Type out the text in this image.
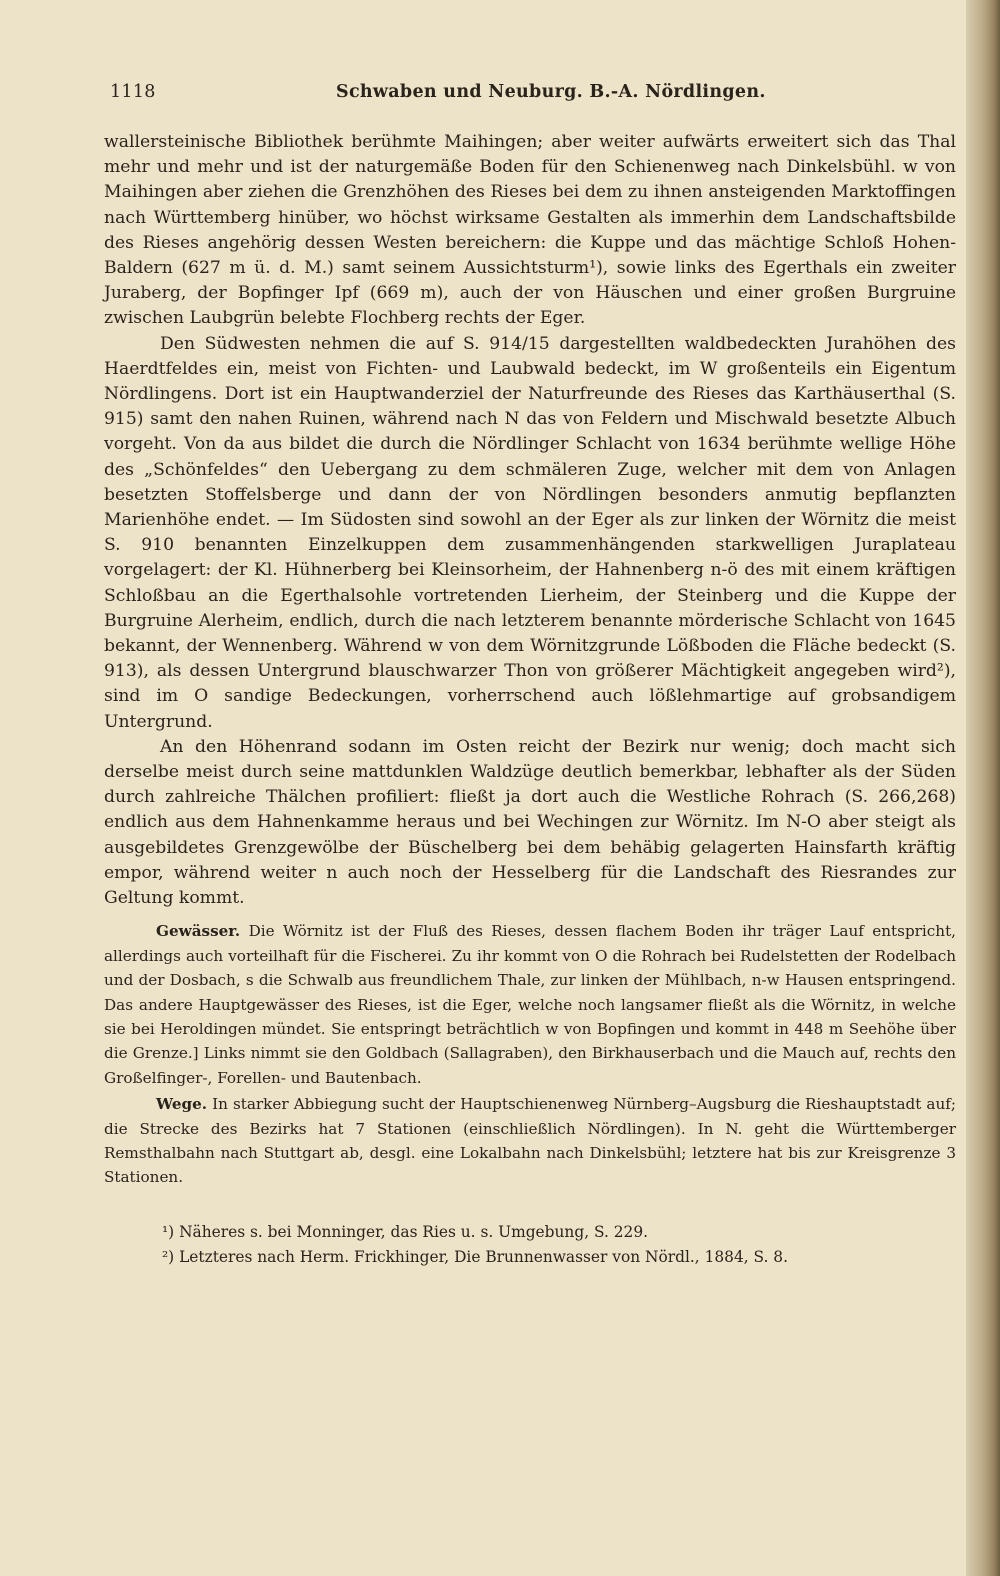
1118	Schwaben und Neuburg. B.-A. Nördlingen.

wallersteinische Bibliothek berühmte Maihingen; aber weiter aufwärts erweitert sich das Thal mehr und mehr und ist der naturgemäße Boden für den Schienenweg nach Dinkelsbühl. w von Maihingen aber ziehen die Grenzhöhen des Rieses bei dem zu ihnen ansteigenden Marktoffingen nach Württemberg hinüber, wo höchst wirksame Gestalten als immerhin dem Landschaftsbilde des Rieses angehörig dessen Westen bereichern: die Kuppe und das mächtige Schloß Hohen-Baldern (627 m ü. d. M.) samt seinem Aussichtsturm¹), sowie links des Egerthals ein zweiter Juraberg, der Bopfinger Ipf (669 m), auch der von Häuschen und einer großen Burgruine zwischen Laubgrün belebte Flochberg rechts der Eger.

Den Südwesten nehmen die auf S. 914/15 dargestellten waldbedeckten Jurahöhen des Haerdtfeldes ein, meist von Fichten- und Laubwald bedeckt, im W großenteils ein Eigentum Nördlingens. Dort ist ein Hauptwanderziel der Naturfreunde des Rieses das Karthäuserthal (S. 915) samt den nahen Ruinen, während nach N das von Feldern und Mischwald besetzte Albuch vorgeht. Von da aus bildet die durch die Nördlinger Schlacht von 1634 berühmte wellige Höhe des „Schönfeldes“ den Uebergang zu dem schmäleren Zuge, welcher mit dem von Anlagen besetzten Stoffelsberge und dann der von Nördlingen besonders anmutig bepflanzten Marienhöhe endet. — Im Südosten sind sowohl an der Eger als zur linken der Wörnitz die meist S. 910 benannten Einzelkuppen dem zusammenhängenden starkwelligen Juraplateau vorgelagert: der Kl. Hühnerberg bei Kleinsorheim, der Hahnenberg n-ö des mit einem kräftigen Schloßbau an die Egerthalsohle vortretenden Lierheim, der Steinberg und die Kuppe der Burgruine Alerheim, endlich, durch die nach letzterem benannte mörderische Schlacht von 1645 bekannt, der Wennenberg. Während w von dem Wörnitzgrunde Lößboden die Fläche bedeckt (S. 913), als dessen Untergrund blauschwarzer Thon von größerer Mächtigkeit angegeben wird²), sind im O sandige Bedeckungen, vorherrschend auch lößlehmartige auf grobsandigem Untergrund.

An den Höhenrand sodann im Osten reicht der Bezirk nur wenig; doch macht sich derselbe meist durch seine mattdunklen Waldzüge deutlich bemerkbar, lebhafter als der Süden durch zahlreiche Thälchen profiliert: fließt ja dort auch die Westliche Rohrach (S. 266,268) endlich aus dem Hahnenkamme heraus und bei Wechingen zur Wörnitz. Im N-O aber steigt als ausgebildetes Grenzgewölbe der Büschelberg bei dem behäbig gelagerten Hainsfarth kräftig empor, während weiter n auch noch der Hesselberg für die Landschaft des Riesrandes zur Geltung kommt.

Gewässer. Die Wörnitz ist der Fluß des Rieses, dessen flachem Boden ihr träger Lauf entspricht, allerdings auch vorteilhaft für die Fischerei. Zu ihr kommt von O die Rohrach bei Rudelstetten der Rodelbach und der Dosbach, s die Schwalb aus freundlichem Thale, zur linken der Mühlbach, n-w Hausen entspringend. Das andere Hauptgewässer des Rieses, ist die Eger, welche noch langsamer fließt als die Wörnitz, in welche sie bei Heroldingen mündet. Sie entspringt beträchtlich w von Bopfingen und kommt in 448 m Seehöhe über die Grenze.] Links nimmt sie den Goldbach (Sallagraben), den Birkhauserbach und die Mauch auf, rechts den Großelfinger-, Forellen- und Bautenbach.

Wege. In starker Abbiegung sucht der Hauptschienenweg Nürnberg–Augsburg die Rieshauptstadt auf; die Strecke des Bezirks hat 7 Stationen (einschließlich Nördlingen). In N. geht die Württemberger Remsthalbahn nach Stuttgart ab, desgl. eine Lokalbahn nach Dinkelsbühl; letztere hat bis zur Kreisgrenze 3 Stationen.

¹) Näheres s. bei Monninger, das Ries u. s. Umgebung, S. 229.

²) Letzteres nach Herm. Frickhinger, Die Brunnenwasser von Nördl., 1884, S. 8.
